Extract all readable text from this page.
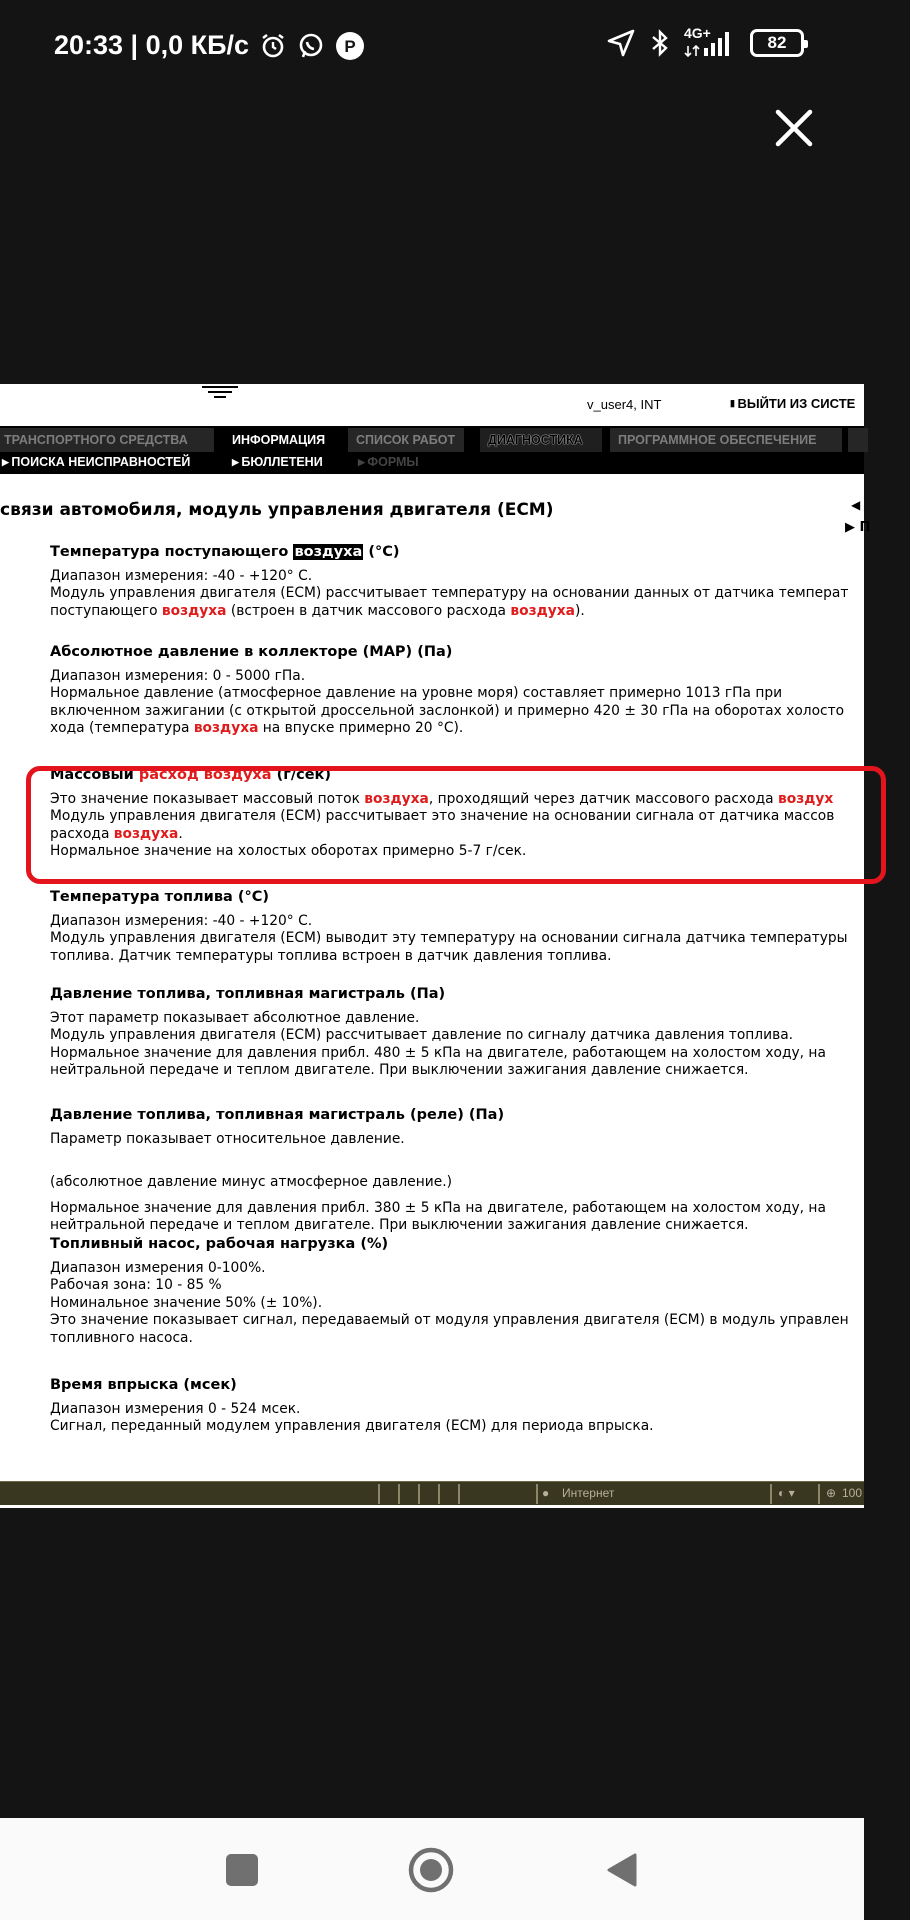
20:33 | 0,0 КБ/с	P
4G+	82
v_user4, INT	▮ ВЫЙТИ ИЗ СИСТЕ
ТРАНСПОРТНОГО СРЕДСТВА	ИНФОРМАЦИЯ	СПИСОК РАБОТ	ДИАГНОСТИКА	ПРОГРАММНОЕ ОБЕСПЕЧЕНИЕ
▶ ПОИСКА НЕИСПРАВНОСТЕЙ	▶ БЮЛЛЕТЕНИ	▶ ФОРМЫ
связи автомобиля, модуль управления двигателя (ECM)	◀
▶ П
Температура поступающего воздуха (°C)
Диапазон измерения: -40 - +120° C.
Модуль управления двигателя (ECM) рассчитывает температуру на основании данных от датчика температ
поступающего воздуха (встроен в датчик массового расхода воздуха).
Абсолютное давление в коллекторе (MAP) (Па)
Диапазон измерения: 0 - 5000 гПа.
Нормальное давление (атмосферное давление на уровне моря) составляет примерно 1013 гПа при
включенном зажигании (с открытой дроссельной заслонкой) и примерно 420 ± 30 гПа на оборотах холосто
хода (температура воздуха на впуске примерно 20 °C).
Массовый расход воздуха (г/сек)
Это значение показывает массовый поток воздуха, проходящий через датчик массового расхода воздух
Модуль управления двигателя (ECM) рассчитывает это значение на основании сигнала от датчика массов
расхода воздуха.
Нормальное значение на холостых оборотах примерно 5-7 г/сек.
Температура топлива (°C)
Диапазон измерения: -40 - +120° C.
Модуль управления двигателя (ECM) выводит эту температуру на основании сигнала датчика температуры
топлива. Датчик температуры топлива встроен в датчик давления топлива.
Давление топлива, топливная магистраль (Па)
Этот параметр показывает абсолютное давление.
Модуль управления двигателя (ECM) рассчитывает давление по сигналу датчика давления топлива.
Нормальное значение для давления прибл. 480 ± 5 кПа на двигателе, работающем на холостом ходу, на
нейтральной передаче и теплом двигателе. При выключении зажигания давление снижается.
Давление топлива, топливная магистраль (реле) (Па)
Параметр показывает относительное давление.
(абсолютное давление минус атмосферное давление.)
Нормальное значение для давления прибл. 380 ± 5 кПа на двигателе, работающем на холостом ходу, на
нейтральной передаче и теплом двигателе. При выключении зажигания давление снижается.
Топливный насос, рабочая нагрузка (%)
Диапазон измерения 0-100%.
Рабочая зона: 10 - 85 %
Номинальное значение 50% (± 10%).
Это значение показывает сигнал, передаваемый от модуля управления двигателя (ECM) в модуль управлен
топливного насоса.
Время впрыска (мсек)
Диапазон измерения 0 - 524 мсек.
Сигнал, переданный модулем управления двигателя (ECM) для периода впрыска.
● Интернет	◐ ▾	⊕ 100
